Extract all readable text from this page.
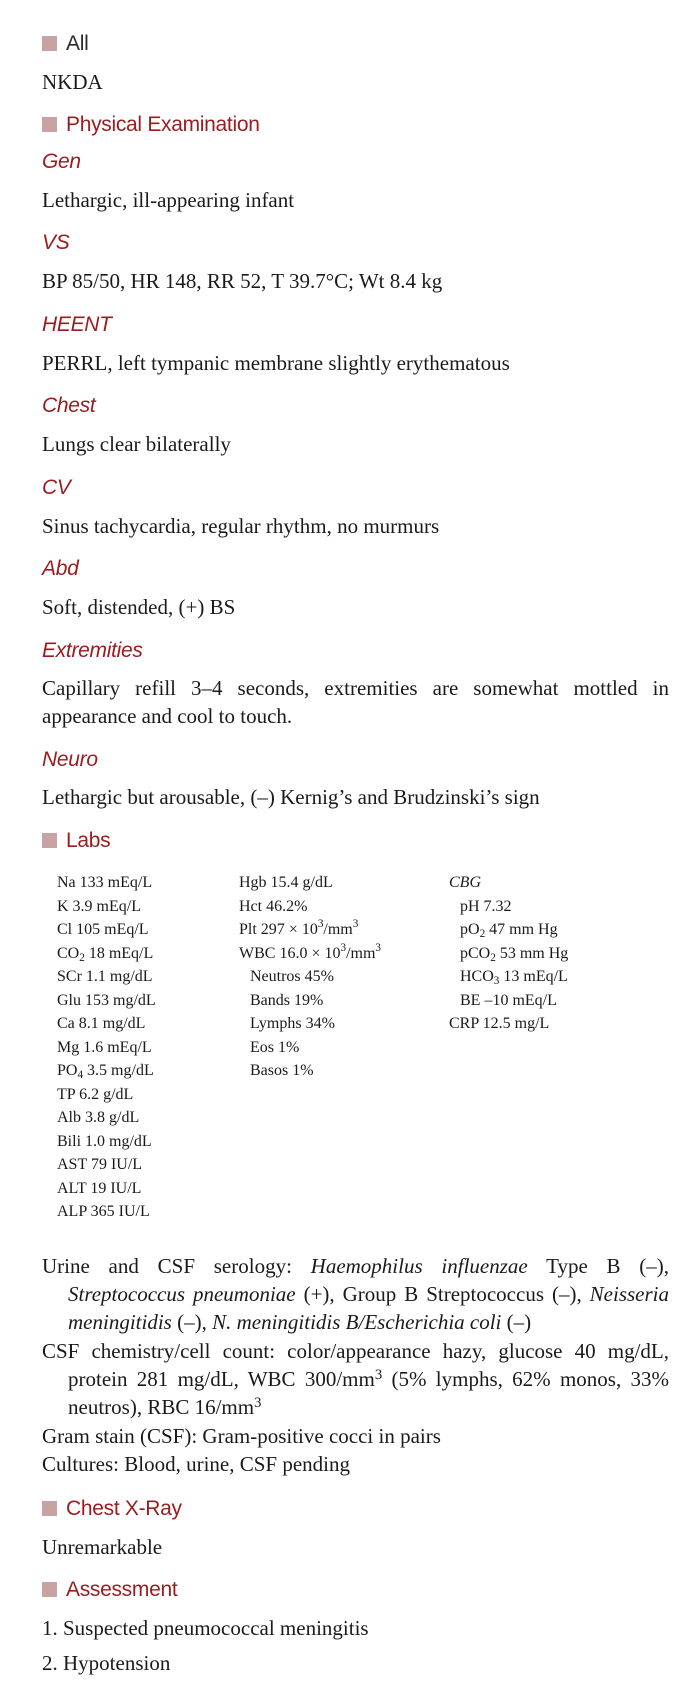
All
NKDA
Physical Examination
Gen
Lethargic, ill-appearing infant
VS
BP 85/50, HR 148, RR 52, T 39.7°C; Wt 8.4 kg
HEENT
PERRL, left tympanic membrane slightly erythematous
Chest
Lungs clear bilaterally
CV
Sinus tachycardia, regular rhythm, no murmurs
Abd
Soft, distended, (+) BS
Extremities
Capillary refill 3–4 seconds, extremities are somewhat mottled in appearance and cool to touch.
Neuro
Lethargic but arousable, (–) Kernig’s and Brudzinski’s sign
Labs
Na 133 mEq/L
K 3.9 mEq/L
Cl 105 mEq/L
$CO_2$ 18 mEq/L
SCr 1.1 mg/dL
Glu 153 mg/dL
Ca 8.1 mg/dL
Mg 1.6 mEq/L
$PO_4$ 3.5 mg/dL
TP 6.2 g/dL
Alb 3.8 g/dL
Bili 1.0 mg/dL
AST 79 IU/L
ALT 19 IU/L
ALP 365 IU/L
Hgb 15.4 g/dL
Hct 46.2%
Plt $297 \times 10^3/mm^3$
WBC $16.0 \times 10^3/mm^3$
Neutros 45%
Bands 19%
Lymphs 34%
Eos 1%
Basos 1%
CBG
pH 7.32
$pO_2$ 47 mm Hg
pCO$_2$ 53 mm Hg
$HCO_3$ 13 mEq/L
BE –10 mEq/L
CRP 12.5 mg/L
Urine and CSF serology: Haemophilus influenzae Type B (–), Streptococcus pneumoniae (+), Group B Streptococcus (–), Neisseria meningitidis (–), N. meningitidis B/Escherichia coli (–)
CSF chemistry/cell count: color/appearance hazy, glucose 40 mg/dL, protein 281 mg/dL, WBC $300/mm^3$ (5% lymphs, 62% monos, 33% neutros), RBC $16/mm^3$
Gram stain (CSF): Gram-positive cocci in pairs
Cultures: Blood, urine, CSF pending
Chest X-Ray
Unremarkable
Assessment
1. Suspected pneumococcal meningitis
2. Hypotension
